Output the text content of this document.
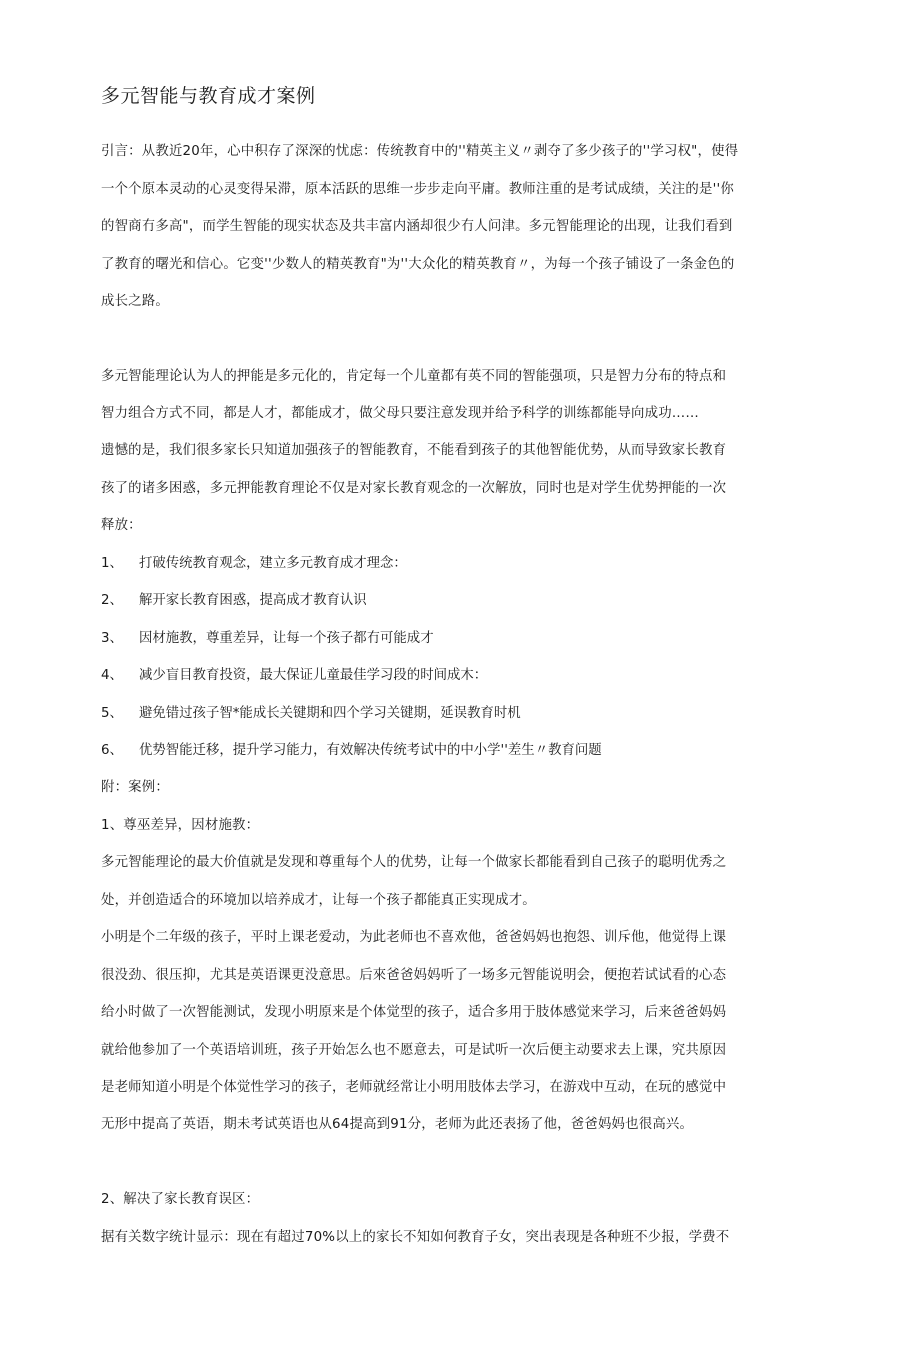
多元智能与教育成才案例
引言：从教近20年，心中积存了深深的忧虑：传统教育中的''精英主义〃剥夺了多少孩子的''学习权"，使得
一个个原本灵动的心灵变得呆滞，原本活跃的思维一步步走向平庸。教师注重的是考试成绩，关注的是''你
的智商冇多高"，而学生智能的现实状态及共丰富内涵却很少冇人问津。多元智能理论的出现，让我们看到
了教育的曙光和信心。它变''少数人的精英教育"为''大众化的精英教育〃，为每一个孩子铺设了一条金色的
成长之路。
多元智能理论认为人的押能是多元化的，肯定每一个儿童都有英不同的智能强项，只是智力分布的特点和
智力组合方式不同，都是人才，都能成才，做父母只要注意发现并给予科学的训练都能导向成功……
遗憾的是，我们很多家长只知道加强孩子的智能教育，不能看到孩子的其他智能优势，从而导致家长教育
孩了的诸多困惑，多元押能教育理论不仅是对家长教育观念的一次解放，同时也是对学生优势押能的一次
释放：
1、 打破传统教育观念，建立多元教育成才理念：
2、 解开家长教育困惑，提高成才教育认识
3、 因材施教，尊重差异，让每一个孩子都冇可能成才
4、 减少盲目教育投资，最大保证儿童最佳学习段的时间成木：
5、 避免错过孩子智*能成长关键期和四个学习关键期，延误教育时机
6、 优势智能迁移，提升学习能力，有效解决传统考试中的中小学''差生〃教育问题
附：案例：
1、尊巫差异，因材施教：
多元智能理论的最大价值就是发现和尊重每个人的优势，让每一个做家长都能看到自己孩子的聪明优秀之
处，并创造适合的环境加以培养成才，让每一个孩子都能真正实现成才。
小明是个二年级的孩子，平时上课老爱动，为此老师也不喜欢他，爸爸妈妈也抱怨、训斥他，他觉得上课
很没劲、很压抑，尤其是英语课更没意思。后來爸爸妈妈听了一场多元智能说明会，便抱若试试看的心态
给小时做了一次智能测试，发现小明原来是个体觉型的孩子，适合多用于肢体感觉来学习，后来爸爸妈妈
就给他参加了一个英语培训班，孩子开始怎么也不愿意去，可是试听一次后便主动要求去上课，究共原因
是老师知道小明是个体觉性学习的孩子，老师就经常让小明用肢体去学习，在游戏中互动，在玩的感觉中
无形中提高了英语，期未考试英语也从64提高到91分，老师为此还表扬了他，爸爸妈妈也很高兴。
2、解决了家长教育误区：
据有关数字统计显示：现在有超过70%以上的家长不知如何教育子女，突出表现是各种班不少报，学费不
